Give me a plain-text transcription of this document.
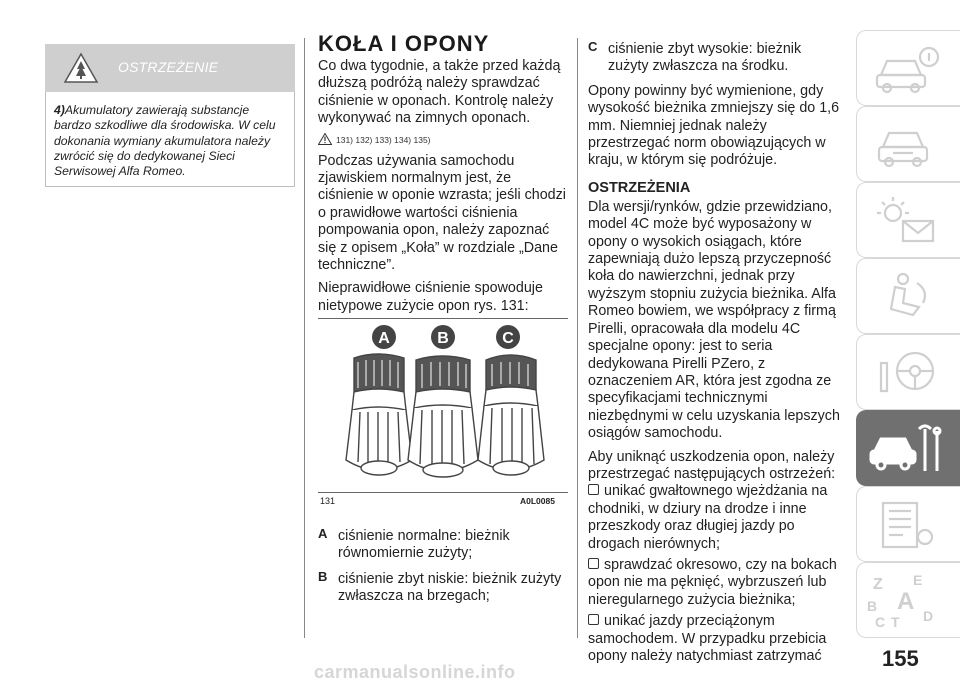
OSTRZEŻENIE

4)Akumulatory zawierają substancje bardzo szkodliwe dla środowiska. W celu dokonania wymiany akumulatora należy zwrócić się do dedykowanej Sieci Serwisowej Alfa Romeo.

KOŁA I OPONY

Co dwa tygodnie, a także przed każdą dłuższą podróżą należy sprawdzać ciśnienie w oponach. Kontrolę należy wykonywać na zimnych oponach.

131) 132) 133) 134) 135)

Podczas używania samochodu zjawiskiem normalnym jest, że ciśnienie w oponie wzrasta; jeśli chodzi o prawidłowe wartości ciśnienia pompowania opon, należy zapoznać się z opisem „Koła” w rozdziale „Dane techniczne”.

Nieprawidłowe ciśnienie spowoduje nietypowe zużycie opon rys. 131:

A	B	C
131	A0L0085
A ciśnienie normalne: bieżnik równomiernie zużyty;
B ciśnienie zbyt niskie: bieżnik zużyty zwłaszcza na brzegach;
C ciśnienie zbyt wysokie: bieżnik zużyty zwłaszcza na środku.

Opony powinny być wymienione, gdy wysokość bieżnika zmniejszy się do 1,6 mm. Niemniej jednak należy przestrzegać norm obowiązujących w kraju, w którym się podróżuje.

OSTRZEŻENIA

Dla wersji/rynków, gdzie przewidziano, model 4C może być wyposażony w opony o wysokich osiągach, które zapewniają dużo lepszą przyczepność koła do nawierzchni, jednak przy wyższym stopniu zużycia bieżnika. Alfa Romeo bowiem, we współpracy z firmą Pirelli, opracowała dla modelu 4C specjalne opony: jest to seria dedykowana Pirelli PZero, z oznaczeniem AR, która jest zgodna ze specyfikacjami technicznymi niezbędnymi w celu uzyskania lepszych osiągów samochodu.

Aby uniknąć uszkodzenia opon, należy przestrzegać następujących ostrzeżeń:

unikać gwałtownego wjeżdżania na chodniki, w dziury na drodze i inne przeszkody oraz długiej jazdy po drogach nierównych;

sprawdzać okresowo, czy na bokach opon nie ma pęknięć, wybrzuszeń lub nieregularnego zużycia bieżnika;

unikać jazdy przeciążonym samochodem. W przypadku przebicia opony należy natychmiast zatrzymać

Z E
A
B
C T D
155
carmanualsonline.info
